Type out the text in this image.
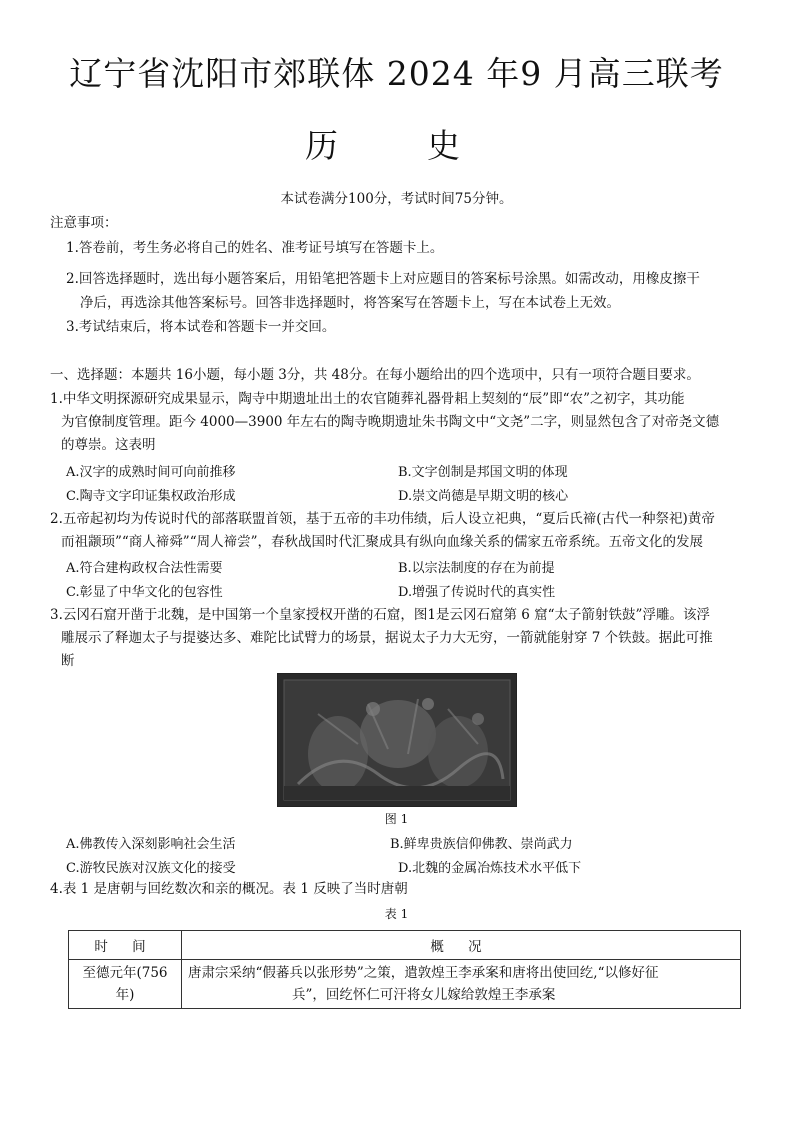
辽宁省沈阳市郊联体 2024 年9 月高三联考
历　史
本试卷满分100分，考试时间75分钟。
注意事项：
1.答卷前，考生务必将自己的姓名、准考证号填写在答题卡上。
2.回答选择题时，选出每小题答案后，用铅笔把答题卡上对应题目的答案标号涂黑。如需改动，用橡皮擦干
净后，再选涂其他答案标号。回答非选择题时，将答案写在答题卡上，写在本试卷上无效。
3.考试结束后，将本试卷和答题卡一并交回。
一、选择题：本题共 16小题，每小题 3分，共 48分。在每小题给出的四个选项中，只有一项符合题目要求。
1.中华文明探源研究成果显示，陶寺中期遗址出土的农官随葬礼器骨耜上契刻的“辰”即“农”之初字，其功能
为官僚制度管理。距今 4000—3900 年左右的陶寺晚期遗址朱书陶文中“文尧”二字，则显然包含了对帝尧文德
的尊崇。这表明
A.汉字的成熟时间可向前推移	B.文字创制是邦国文明的体现
C.陶寺文字印证集权政治形成	D.崇文尚德是早期文明的核心
2.五帝起初均为传说时代的部落联盟首领，基于五帝的丰功伟绩，后人设立祀典，“夏后氏禘(古代一种祭祀)黄帝
而祖颛顼”“商人禘舜”“周人禘尝”，春秋战国时代汇聚成具有纵向血缘关系的儒家五帝系统。五帝文化的发展
A.符合建构政权合法性需要	B.以宗法制度的存在为前提
C.彰显了中华文化的包容性	D.增强了传说时代的真实性
3.云冈石窟开凿于北魏，是中国第一个皇家授权开凿的石窟，图1是云冈石窟第 6 窟“太子箭射铁鼓”浮雕。该浮
雕展示了释迦太子与提婆达多、难陀比试臂力的场景，据说太子力大无穷，一箭就能射穿 7 个铁鼓。据此可推
断
图 1
A.佛教传入深刻影响社会生活	B.鲜卑贵族信仰佛教、崇尚武力
C.游牧民族对汉族文化的接受	D.北魏的金属冶炼技术水平低下
4.表 1 是唐朝与回纥数次和亲的概况。表 1 反映了当时唐朝
表 1
时 间	概 况
至德元年(756年)	唐肃宗采纳“假蕃兵以张形势”之策，遣敦煌王李承案和唐将出使回纥,“以修好征
兵”，回纥怀仁可汗将女儿嫁给敦煌王李承案
